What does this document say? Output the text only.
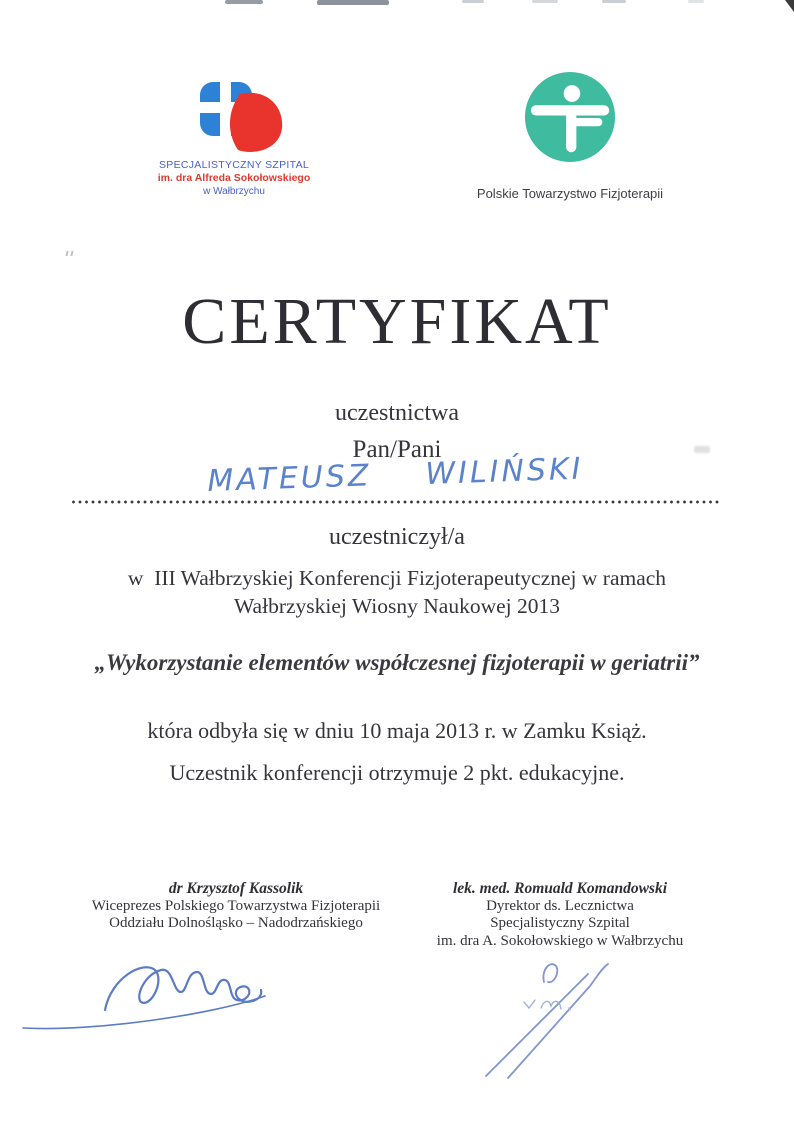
SPECJALISTYCZNY SZPITAL
im. dra Alfreda Sokołowskiego
w Wałbrzychu	Polskie Towarzystwo Fizjoterapii
CERTYFIKAT
uczestnictwa
Pan/Pani
MATEUSZ WILIŃSKI
uczestniczył/a
w  III Wałbrzyskiej Konferencji Fizjoterapeutycznej w ramach
Wałbrzyskiej Wiosny Naukowej 2013
„Wykorzystanie elementów współczesnej fizjoterapii w geriatrii”
która odbyła się w dniu 10 maja 2013 r. w Zamku Książ.
Uczestnik konferencji otrzymuje 2 pkt. edukacyjne.
dr Krzysztof Kassolik
Wiceprezes Polskiego Towarzystwa Fizjoterapii
Oddziału Dolnośląsko – Nadodrzańskiego
lek. med. Romuald Komandowski
Dyrektor ds. Lecznictwa
Specjalistyczny Szpital
im. dra A. Sokołowskiego w Wałbrzychu
